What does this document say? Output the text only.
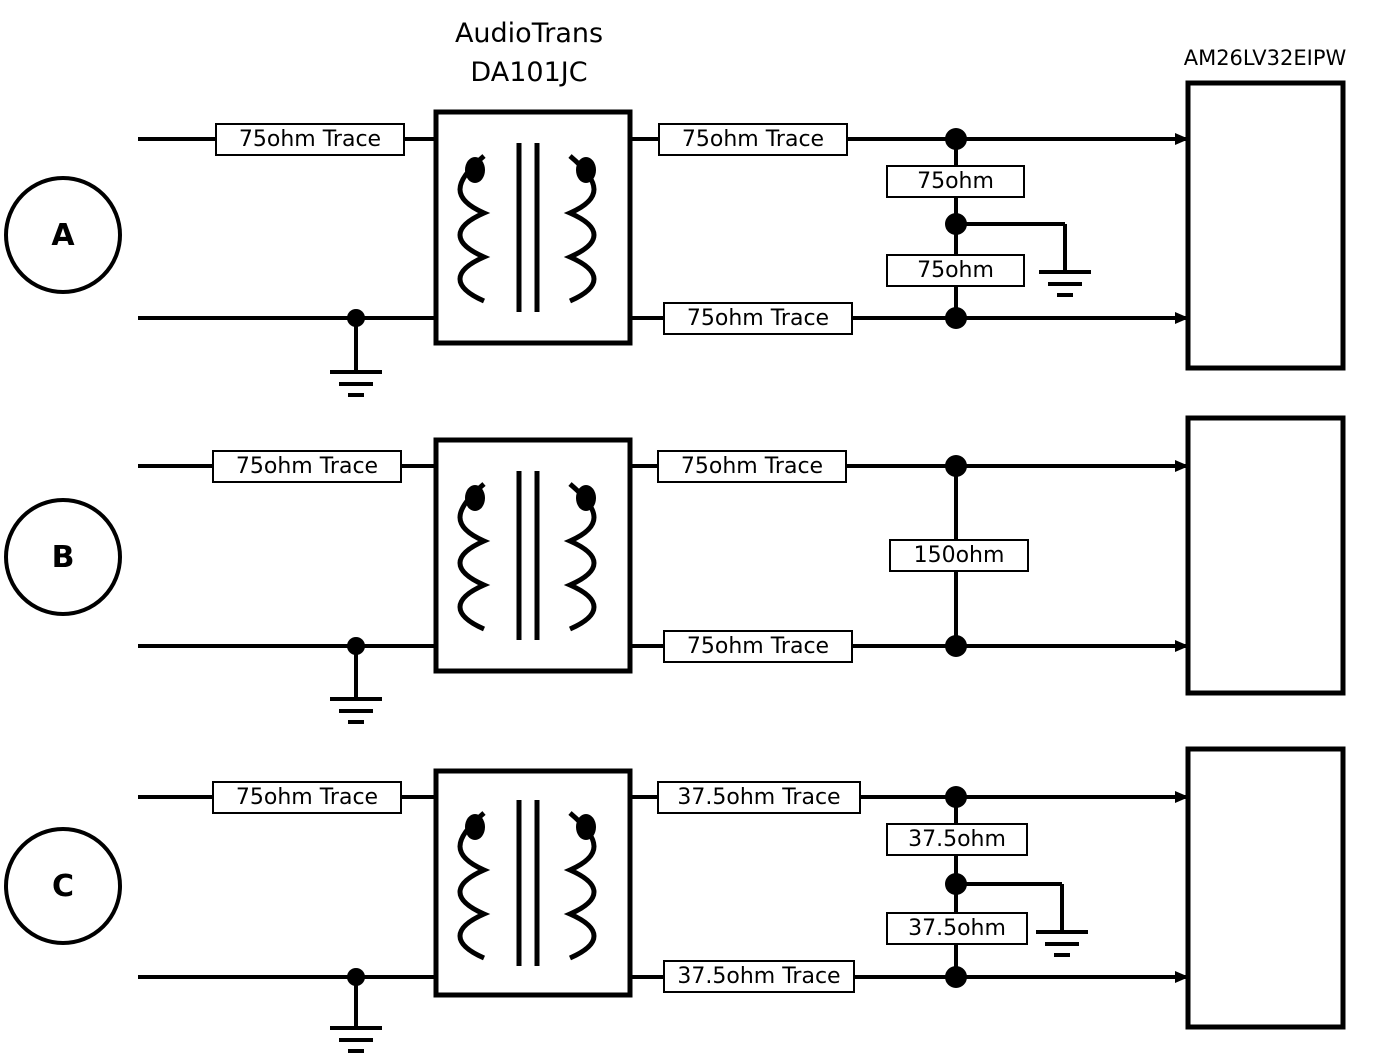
AudioTrans
DA101JC	AM26LV32EIPW
A
B
C
75ohm Trace	75ohm Trace
75ohm Trace
75ohm
75ohm
75ohm Trace	75ohm Trace
75ohm Trace
150ohm
75ohm Trace	37.5ohm Trace
37.5ohm Trace
37.5ohm
37.5ohm
